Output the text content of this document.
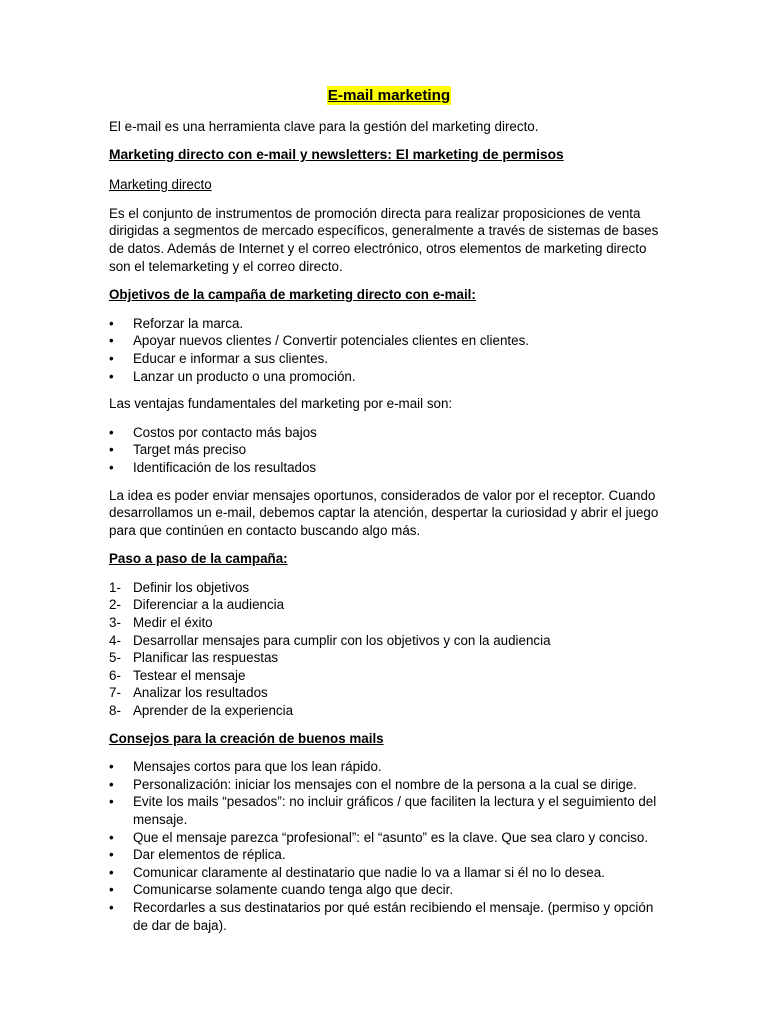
E-mail marketing

El e-mail es una herramienta clave para la gestión del marketing directo.

Marketing directo con e-mail y newsletters: El marketing de permisos

Marketing directo

Es el conjunto de instrumentos de promoción directa para realizar proposiciones de venta dirigidas a segmentos de mercado específicos, generalmente a través de sistemas de bases de datos. Además de Internet y el correo electrónico, otros elementos de marketing directo son el telemarketing y el correo directo.

Objetivos de la campaña de marketing directo con e-mail:

•	Reforzar la marca.
•	Apoyar nuevos clientes / Convertir potenciales clientes en clientes.
•	Educar e informar a sus clientes.
•	Lanzar un producto o una promoción.

Las ventajas fundamentales del marketing por e-mail son:

•	Costos por contacto más bajos
•	Target más preciso
•	Identificación de los resultados

La idea es poder enviar mensajes oportunos, considerados de valor por el receptor. Cuando desarrollamos un e-mail, debemos captar la atención, despertar la curiosidad y abrir el juego para que continúen en contacto buscando algo más.

Paso a paso de la campaña:

1- Definir los objetivos
2- Diferenciar a la audiencia
3- Medir el éxito
4- Desarrollar mensajes para cumplir con los objetivos y con la audiencia
5- Planificar las respuestas
6- Testear el mensaje
7- Analizar los resultados
8- Aprender de la experiencia

Consejos para la creación de buenos mails

•	Mensajes cortos para que los lean rápido.
•	Personalización: iniciar los mensajes con el nombre de la persona a la cual se dirige.
•	Evite los mails “pesados”: no incluir gráficos / que faciliten la lectura y el seguimiento del mensaje.
•	Que el mensaje parezca “profesional”: el “asunto” es la clave. Que sea claro y conciso.
•	Dar elementos de réplica.
•	Comunicar claramente al destinatario que nadie lo va a llamar si él no lo desea.
•	Comunicarse solamente cuando tenga algo que decir.
•	Recordarles a sus destinatarios por qué están recibiendo el mensaje. (permiso y opción de dar de baja).
